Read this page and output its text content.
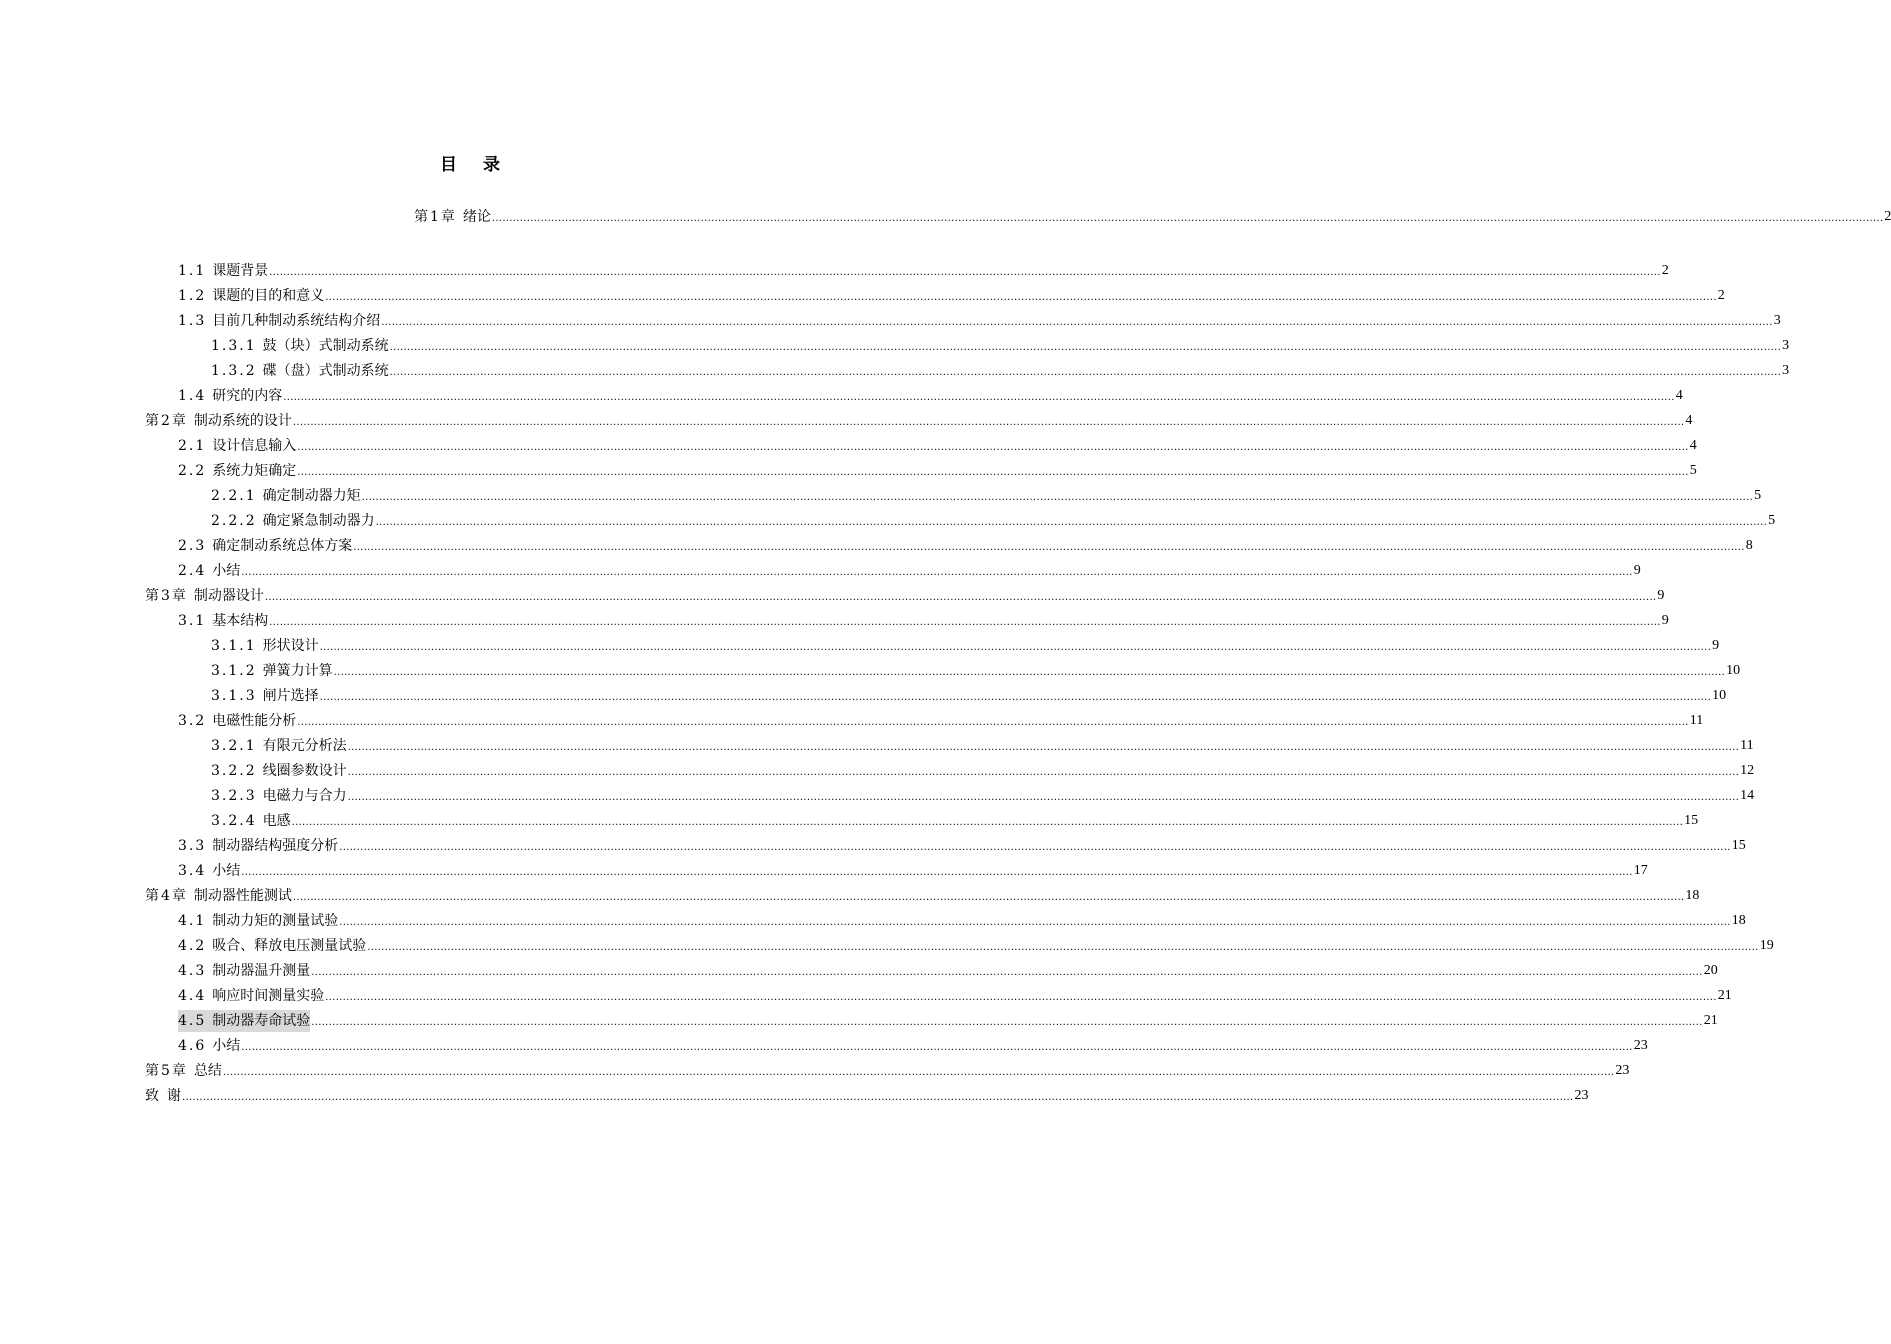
目 录
第1章 绪论 ................................................................................................................................................................................................................................................................................................................................................................................................................ 2
1.1 课题背景 ................................................................................................................................................................................................................................................................................................................................................................................................................ 2
1.2 课题的目的和意义 ................................................................................................................................................................................................................................................................................................................................................................................................................ 2
1.3 目前几种制动系统结构介绍 ................................................................................................................................................................................................................................................................................................................................................................................................................ 3
1.3.1 鼓（块）式制动系统 ................................................................................................................................................................................................................................................................................................................................................................................................................ 3
1.3.2 碟（盘）式制动系统 ................................................................................................................................................................................................................................................................................................................................................................................................................ 3
1.4 研究的内容 ................................................................................................................................................................................................................................................................................................................................................................................................................ 4
第2章 制动系统的设计 ................................................................................................................................................................................................................................................................................................................................................................................................................ 4
2.1 设计信息输入 ................................................................................................................................................................................................................................................................................................................................................................................................................ 4
2.2 系统力矩确定 ................................................................................................................................................................................................................................................................................................................................................................................................................ 5
2.2.1 确定制动器力矩 ................................................................................................................................................................................................................................................................................................................................................................................................................ 5
2.2.2 确定紧急制动器力 ................................................................................................................................................................................................................................................................................................................................................................................................................ 5
2.3 确定制动系统总体方案 ................................................................................................................................................................................................................................................................................................................................................................................................................ 8
2.4 小结 ................................................................................................................................................................................................................................................................................................................................................................................................................ 9
第3章 制动器设计 ................................................................................................................................................................................................................................................................................................................................................................................................................ 9
3.1 基本结构 ................................................................................................................................................................................................................................................................................................................................................................................................................ 9
3.1.1 形状设计 ................................................................................................................................................................................................................................................................................................................................................................................................................ 9
3.1.2 弹簧力计算 ................................................................................................................................................................................................................................................................................................................................................................................................................ 10
3.1.3 闸片选择 ................................................................................................................................................................................................................................................................................................................................................................................................................ 10
3.2 电磁性能分析 ................................................................................................................................................................................................................................................................................................................................................................................................................ 11
3.2.1 有限元分析法 ................................................................................................................................................................................................................................................................................................................................................................................................................ 11
3.2.2 线圈参数设计 ................................................................................................................................................................................................................................................................................................................................................................................................................ 12
3.2.3 电磁力与合力 ................................................................................................................................................................................................................................................................................................................................................................................................................ 14
3.2.4 电感 ................................................................................................................................................................................................................................................................................................................................................................................................................ 15
3.3 制动器结构强度分析 ................................................................................................................................................................................................................................................................................................................................................................................................................ 15
3.4 小结 ................................................................................................................................................................................................................................................................................................................................................................................................................ 17
第4章 制动器性能测试 ................................................................................................................................................................................................................................................................................................................................................................................................................ 18
4.1 制动力矩的测量试验 ................................................................................................................................................................................................................................................................................................................................................................................................................ 18
4.2 吸合、释放电压测量试验 ................................................................................................................................................................................................................................................................................................................................................................................................................ 19
4.3 制动器温升测量 ................................................................................................................................................................................................................................................................................................................................................................................................................ 20
4.4 响应时间测量实验 ................................................................................................................................................................................................................................................................................................................................................................................................................ 21
4.5 制动器寿命试验 ................................................................................................................................................................................................................................................................................................................................................................................................................ 21
4.6 小结 ................................................................................................................................................................................................................................................................................................................................................................................................................ 23
第5章 总结 ................................................................................................................................................................................................................................................................................................................................................................................................................ 23
致 谢 ................................................................................................................................................................................................................................................................................................................................................................................................................ 23
